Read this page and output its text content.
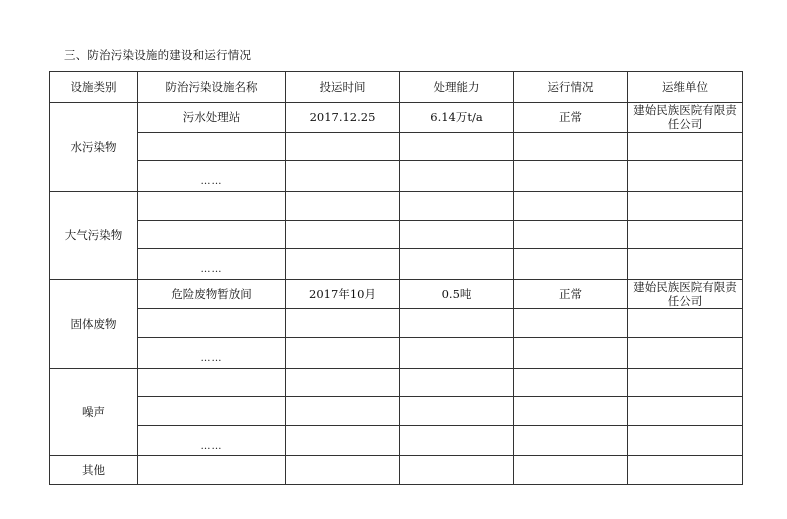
三、防治污染设施的建设和运行情况
设施类别	防治污染设施名称	投运时间	处理能力	运行情况	运维单位
水污染物	污水处理站	2017.12.25	6.14万t/a	正常	建始民族医院有限责任公司

	……				
大气污染物					

	……				
固体废物	危险废物暂放间	2017年10月	0.5吨	正常	建始民族医院有限责任公司

	……				
噪声					

	……				
其他					
